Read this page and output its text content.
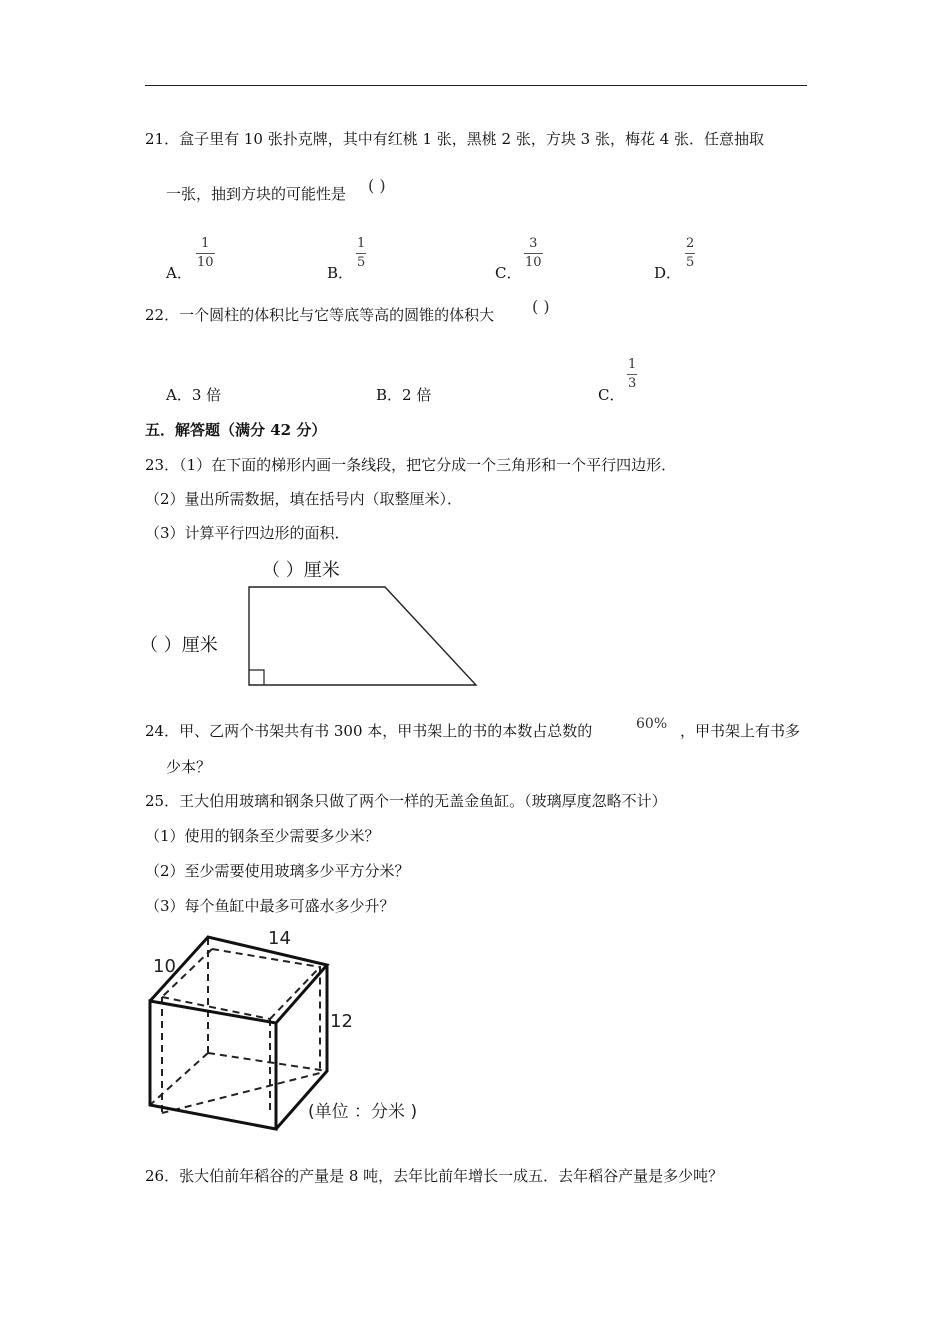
21．盒子里有 10 张扑克牌，其中有红桃 1 张，黑桃 2 张，方块 3 张，梅花 4 张．任意抽取
一张，抽到方块的可能性是 ( )
A．
$\frac{1}{10}$
B．
$\frac{1}{5}$
C．
$\frac{3}{10}$
D．
$\frac{2}{5}$
22．一个圆柱的体积比与它等底等高的圆锥的体积大 ( )
A．3 倍	B．2 倍	C．
$\frac{1}{3}$
五．解答题（满分 42 分）
23．（1）在下面的梯形内画一条线段，把它分成一个三角形和一个平行四边形．
（2）量出所需数据，填在括号内（取整厘米）．
（3）计算平行四边形的面积．
（ ）厘米
（ ）厘米
24．甲、乙两个书架共有书 300 本，甲书架上的书的本数占总数的	60% ，甲书架上有书多
少本？
25．王大伯用玻璃和钢条只做了两个一样的无盖金鱼缸。（玻璃厚度忽略不计）
（1）使用的钢条至少需要多少米？
（2）至少需要使用玻璃多少平方分米？
（3）每个鱼缸中最多可盛水多少升？
14
10
12
(单位 ：分米 )
26．张大伯前年稻谷的产量是 8 吨，去年比前年增长一成五．去年稻谷产量是多少吨？
